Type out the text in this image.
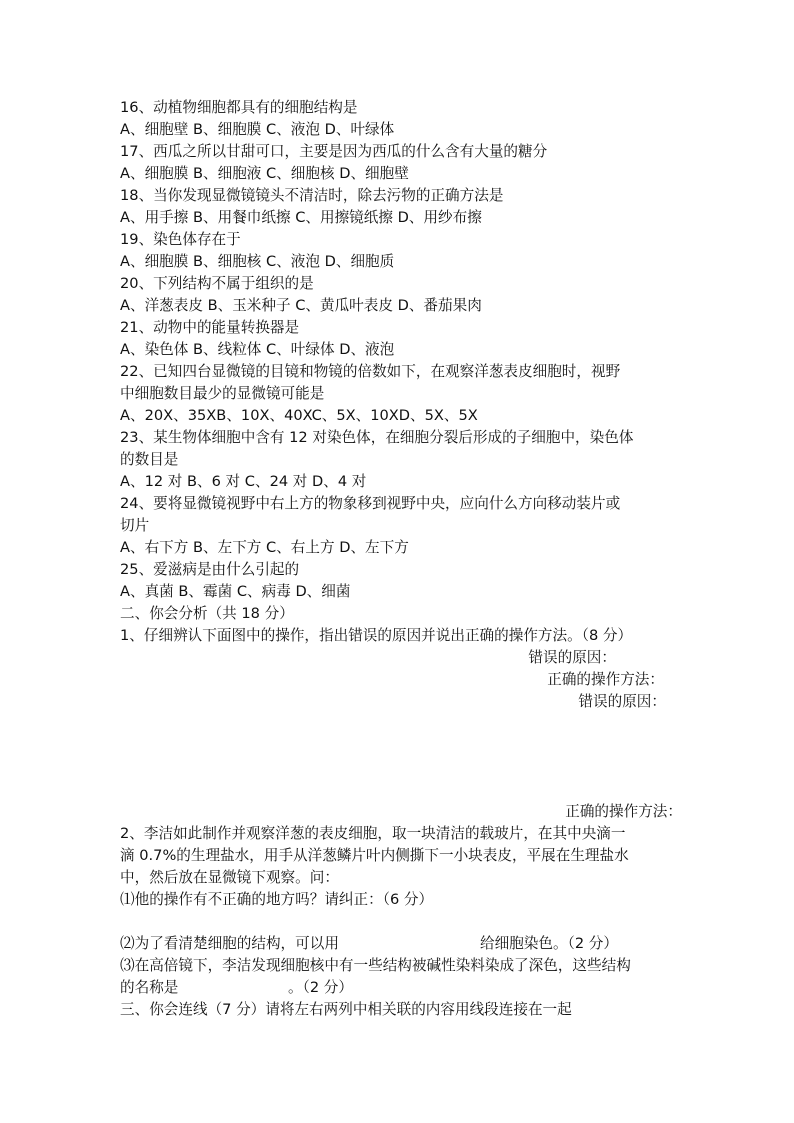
16、动植物细胞都具有的细胞结构是
A、细胞壁 B、细胞膜 C、液泡 D、叶绿体
17、西瓜之所以甘甜可口，主要是因为西瓜的什么含有大量的糖分
A、细胞膜 B、细胞液 C、细胞核 D、细胞壁
18、当你发现显微镜镜头不清洁时，除去污物的正确方法是
A、用手擦 B、用餐巾纸擦 C、用擦镜纸擦 D、用纱布擦
19、染色体存在于
A、细胞膜 B、细胞核 C、液泡 D、细胞质
20、下列结构不属于组织的是
A、洋葱表皮 B、玉米种子 C、黄瓜叶表皮 D、番茄果肉
21、动物中的能量转换器是
A、染色体 B、线粒体 C、叶绿体 D、液泡
22、已知四台显微镜的目镜和物镜的倍数如下，在观察洋葱表皮细胞时，视野
中细胞数目最少的显微镜可能是
A、20X、35XB、10X、40XC、5X、10XD、5X、5X
23、某生物体细胞中含有 12 对染色体，在细胞分裂后形成的子细胞中，染色体
的数目是
A、12 对 B、6 对 C、24 对 D、4 对
24、要将显微镜视野中右上方的物象移到视野中央，应向什么方向移动装片或
切片
A、右下方 B、左下方 C、右上方 D、左下方
25、爱滋病是由什么引起的
A、真菌 B、霉菌 C、病毒 D、细菌
二、你会分析（共 18 分）
1、仔细辨认下面图中的操作，指出错误的原因并说出正确的操作方法。（8 分）
错误的原因：
正确的操作方法：
错误的原因：
正确的操作方法：
2、李洁如此制作并观察洋葱的表皮细胞，取一块清洁的载玻片，在其中央滴一
滴 0.7%的生理盐水，用手从洋葱鳞片叶内侧撕下一小块表皮，平展在生理盐水
中，然后放在显微镜下观察。问：
⑴他的操作有不正确的地方吗？请纠正：（6 分）
⑵为了看清楚细胞的结构，可以用	给细胞染色。（2 分）
⑶在高倍镜下，李洁发现细胞核中有一些结构被碱性染料染成了深色，这些结构
的名称是	。（2 分）
三、你会连线（7 分）请将左右两列中相关联的内容用线段连接在一起
